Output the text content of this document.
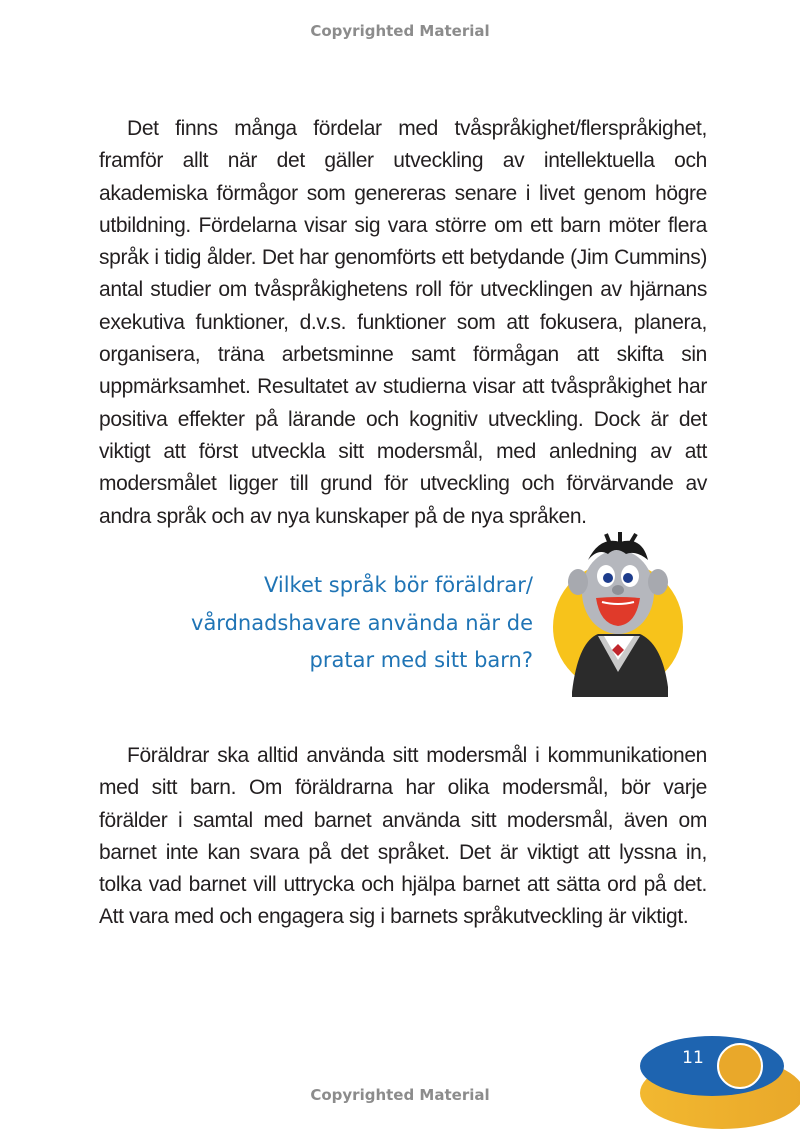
Copyrighted Material

Det finns många fördelar med tvåspråkighet/flerspråkighet, framför allt när det gäller utveckling av intellektuella och akademiska förmågor som genereras senare i livet genom högre utbildning. Fördelarna visar sig vara större om ett barn möter flera språk i tidig ålder. Det har genomförts ett betydande (Jim Cummins) antal studier om tvåspråkighetens roll för utvecklingen av hjärnans exekutiva funktioner, d.v.s. funktioner som att fokusera, planera, organisera, träna arbetsminne samt förmågan att skifta sin uppmärksamhet. Resultatet av studierna visar att tvåspråkighet har positiva effekter på lärande och kognitiv utveckling. Dock är det viktigt att först utveckla sitt modersmål, med anledning av att modersmålet ligger till grund för utveckling och förvärvande av andra språk och av nya kunskaper på de nya språken.

Vilket språk bör föräldrar/
vårdnadshavare använda när de
pratar med sitt barn?

Föräldrar ska alltid använda sitt modersmål i kommunikationen med sitt barn. Om föräldrarna har olika modersmål, bör varje förälder i samtal med barnet använda sitt modersmål, även om barnet inte kan svara på det språket. Det är viktigt att lyssna in, tolka vad barnet vill uttrycka och hjälpa barnet att sätta ord på det. Att vara med och engagera sig i barnets språkutveckling är viktigt.

11
Copyrighted Material
